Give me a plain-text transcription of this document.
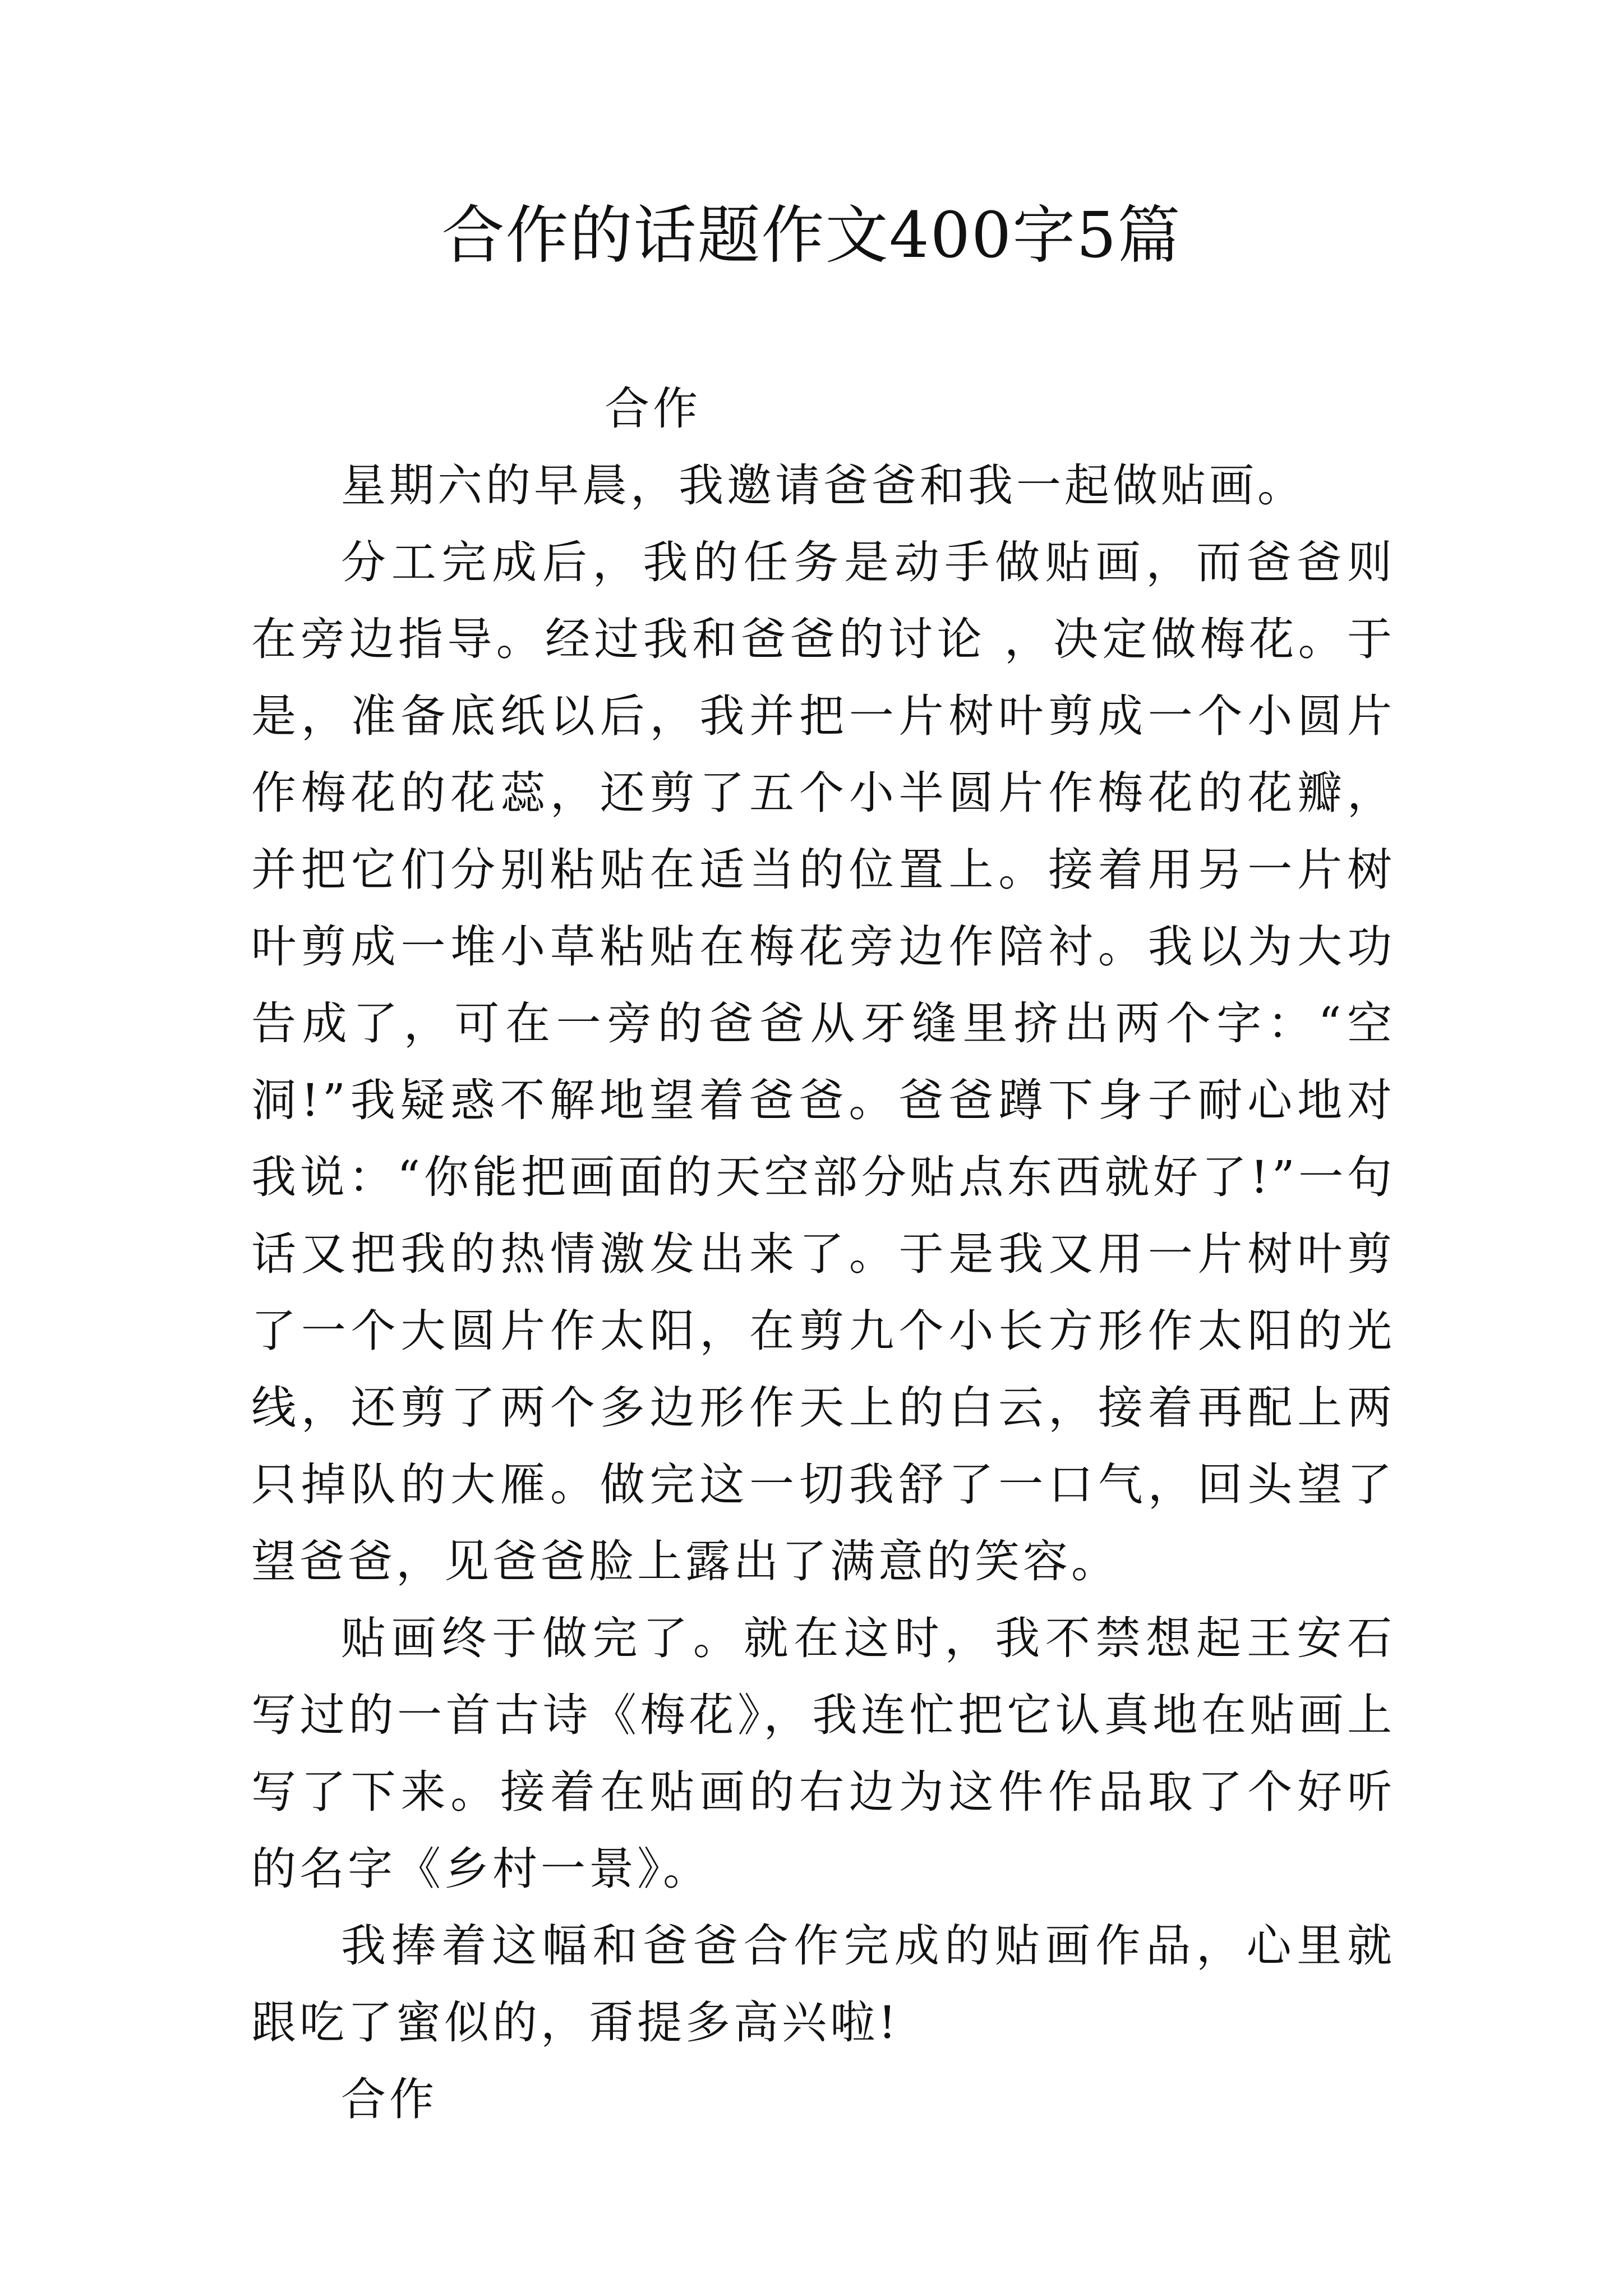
合作的话题作文400字5篇

合作

星期六的早晨，我邀请爸爸和我一起做贴画。

分工完成后，我的任务是动手做贴画，而爸爸则在旁边指导。经过我和爸爸的讨论 ，决定做梅花。于是，准备底纸以后，我并把一片树叶剪成一个小圆片作梅花的花蕊，还剪了五个小半圆片作梅花的花瓣，并把它们分别粘贴在适当的位置上。接着用另一片树叶剪成一堆小草粘贴在梅花旁边作陪衬。我以为大功告成了，可在一旁的爸爸从牙缝里挤出两个字：“空洞!”我疑惑不解地望着爸爸。爸爸蹲下身子耐心地对我说：“你能把画面的天空部分贴点东西就好了!”一句话又把我的热情激发出来了。于是我又用一片树叶剪了一个大圆片作太阳，在剪九个小长方形作太阳的光线，还剪了两个多边形作天上的白云，接着再配上两只掉队的大雁。做完这一切我舒了一口气，回头望了望爸爸，见爸爸脸上露出了满意的笑容。

贴画终于做完了。就在这时，我不禁想起王安石写过的一首古诗《梅花》，我连忙把它认真地在贴画上写了下来。接着在贴画的右边为这件作品取了个好听的名字《乡村一景》。

我捧着这幅和爸爸合作完成的贴画作品，心里就跟吃了蜜似的，甭提多高兴啦!

合作
